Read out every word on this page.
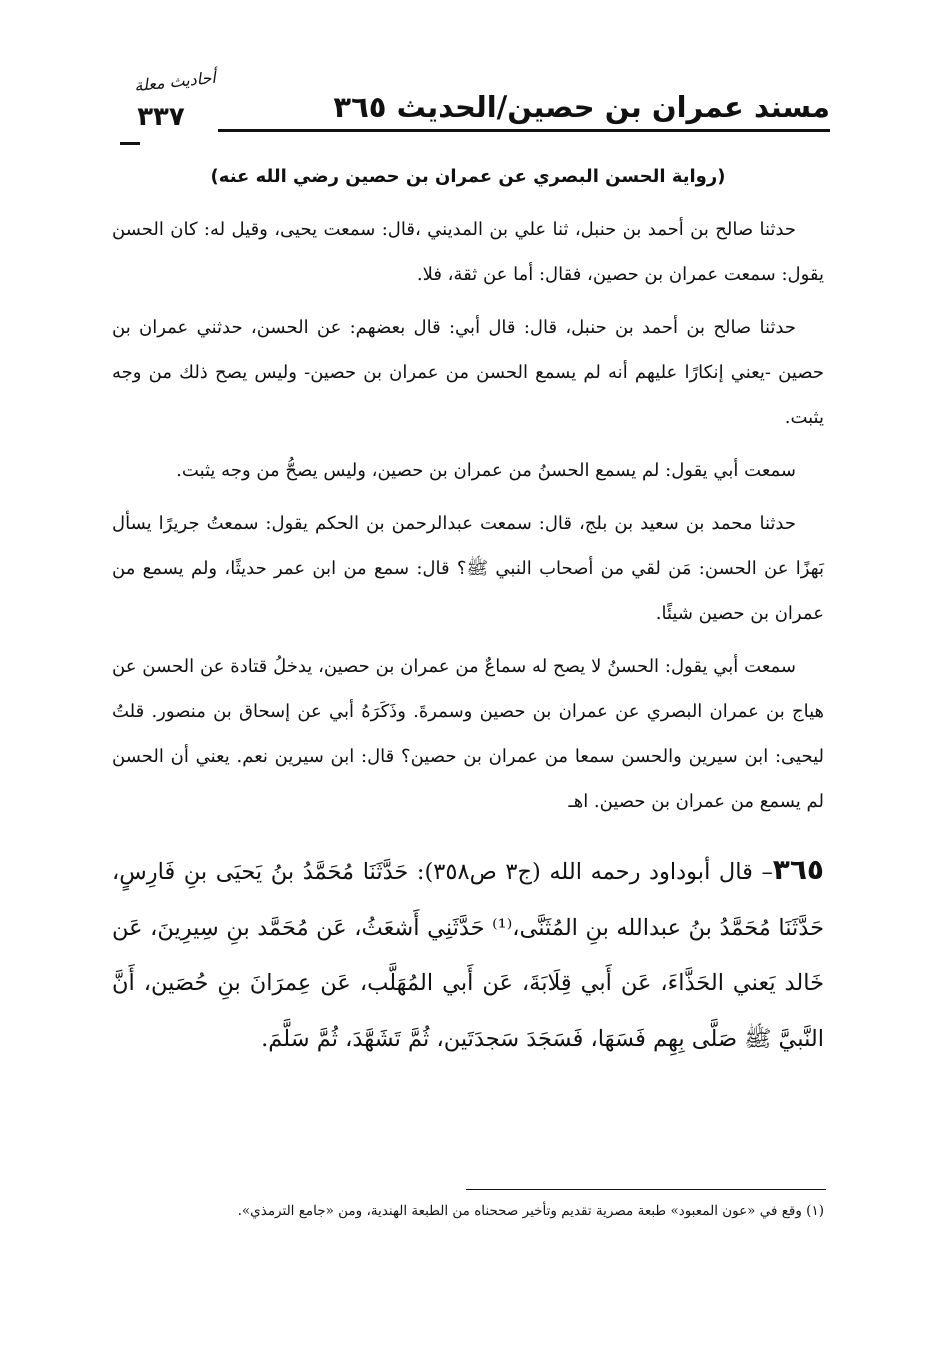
أحاديث معلة
٣٣٧	مسند عمران بن حصين/الحديث ٣٦٥
(رواية الحسن البصري عن عمران بن حصين رضي الله عنه)

حدثنا صالح بن أحمد بن حنبل، ثنا علي بن المديني ،قال: سمعت يحيى، وقيل له: كان الحسن يقول: سمعت عمران بن حصين، فقال: أما عن ثقة، فلا.

حدثنا صالح بن أحمد بن حنبل، قال: قال أبي: قال بعضهم: عن الحسن، حدثني عمران بن حصين -يعني إنكارًا عليهم أنه لم يسمع الحسن من عمران بن حصين- وليس يصح ذلك من وجه يثبت.

سمعت أبي يقول: لم يسمع الحسنُ من عمران بن حصين، وليس يصحُّ من وجه يثبت.

حدثنا محمد بن سعيد بن بلج، قال: سمعت عبدالرحمن بن الحكم يقول: سمعتُ جريرًا يسأل بَهزًا عن الحسن: مَن لقي من أصحاب النبي ﷺ؟ قال: سمع من ابن عمر حديثًا، ولم يسمع من عمران بن حصين شيئًا.

سمعت أبي يقول: الحسنُ لا يصح له سماعٌ من عمران بن حصين، يدخلُ قتادة عن الحسن عن هياج بن عمران البصري عن عمران بن حصين وسمرةَ. وذَكَرَهُ أبي عن إسحاق بن منصور. قلتُ ليحيى: ابن سيرين والحسن سمعا من عمران بن حصين؟ قال: ابن سيرين نعم. يعني أن الحسن لم يسمع من عمران بن حصين. اهـ

٣٦٥– قال أبوداود رحمه الله (ج٣ ص٣٥٨): حَدَّثَنَا مُحَمَّدُ بنُ يَحيَى بنِ فَارِسٍ، حَدَّثَنَا مُحَمَّدُ بنُ عبدالله بنِ المُثَنَّى،⁽¹⁾ حَدَّثَنِي أَشعَثُ، عَن مُحَمَّد بنِ سِيرِينَ، عَن خَالد يَعني الحَذَّاءَ، عَن أَبي قِلَابَةَ، عَن أَبي المُهَلَّب، عَن عِمرَانَ بنِ حُصَين، أَنَّ النَّبيَّ ﷺ صَلَّى بِهِم فَسَهَا، فَسَجَدَ سَجدَتَين، ثُمَّ تَشَهَّدَ، ثُمَّ سَلَّمَ.

(١) وقع في «عون المعبود» طبعة مصرية تقديم وتأخير صححناه من الطبعة الهندية، ومن «جامع الترمذي».
